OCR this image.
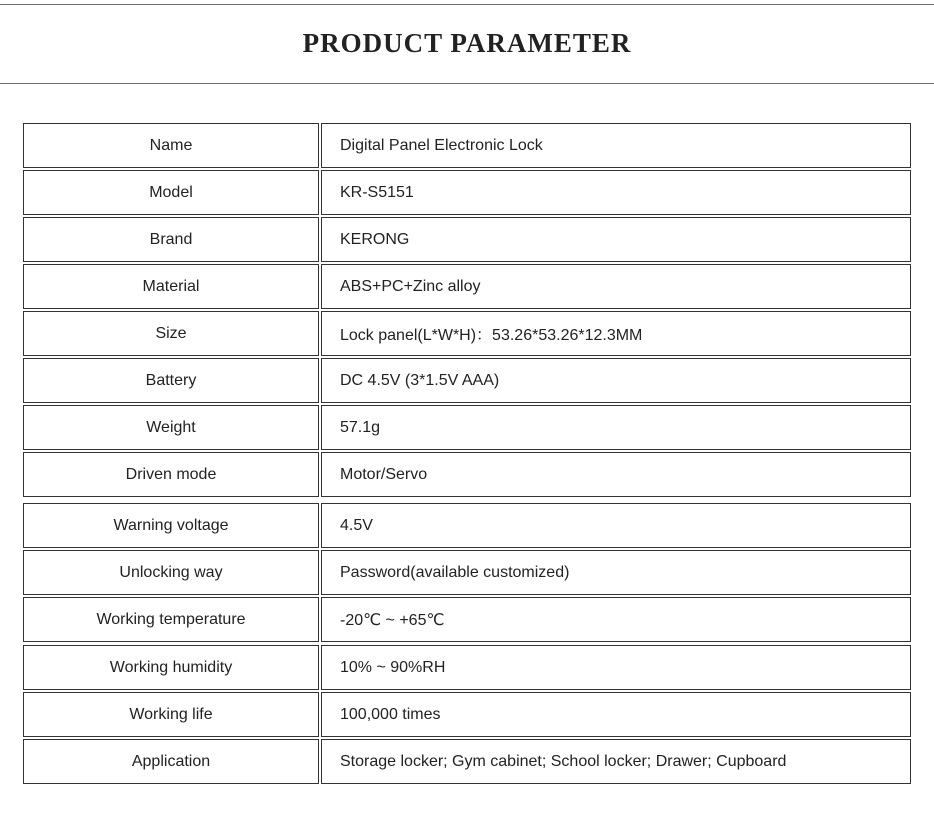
PRODUCT PARAMETER
Name	Digital Panel Electronic Lock
Model	KR-S5151
Brand	KERONG
Material	ABS+PC+Zinc alloy
Size	Lock panel(L*W*H)：53.26*53.26*12.3MM
Battery	DC 4.5V (3*1.5V AAA)
Weight	57.1g
Driven mode	Motor/Servo
Warning voltage	4.5V
Unlocking way	Password(available customized)
Working temperature	-20℃ ~ +65℃
Working humidity	10% ~ 90%RH
Working life	100,000 times
Application	Storage locker; Gym cabinet; School locker; Drawer; Cupboard
